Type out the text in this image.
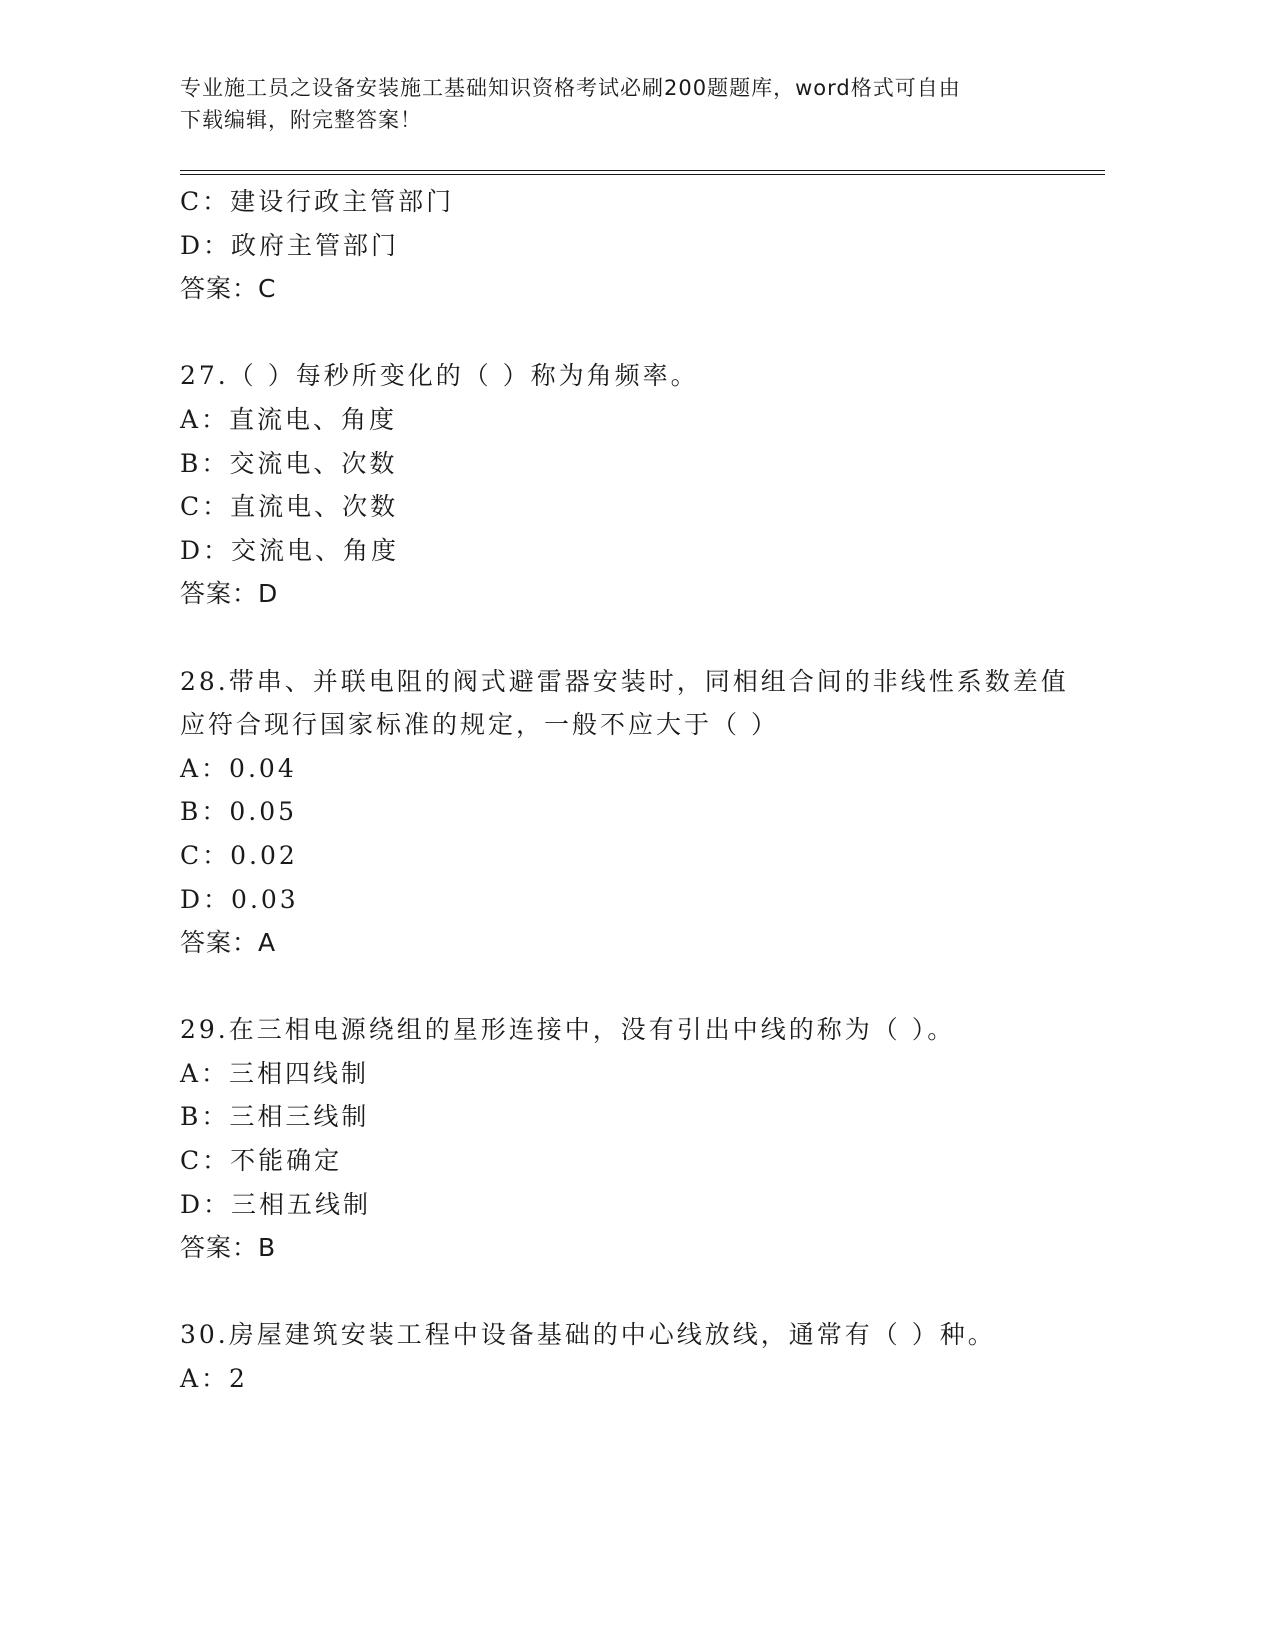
专业施工员之设备安装施工基础知识资格考试必刷200题题库，word格式可自由
下载编辑，附完整答案！
C：建设行政主管部门
D：政府主管部门
答案：C
27.（ ）每秒所变化的（ ）称为角频率。
A：直流电、角度
B：交流电、次数
C：直流电、次数
D：交流电、角度
答案：D
28.带串、并联电阻的阀式避雷器安装时，同相组合间的非线性系数差值应符合现行国家标准的规定，一般不应大于（ ）
A：0.04
B：0.05
C：0.02
D：0.03
答案：A
29.在三相电源绕组的星形连接中，没有引出中线的称为（ ）。
A：三相四线制
B：三相三线制
C：不能确定
D：三相五线制
答案：B
30.房屋建筑安装工程中设备基础的中心线放线，通常有（ ）种。
A：2
